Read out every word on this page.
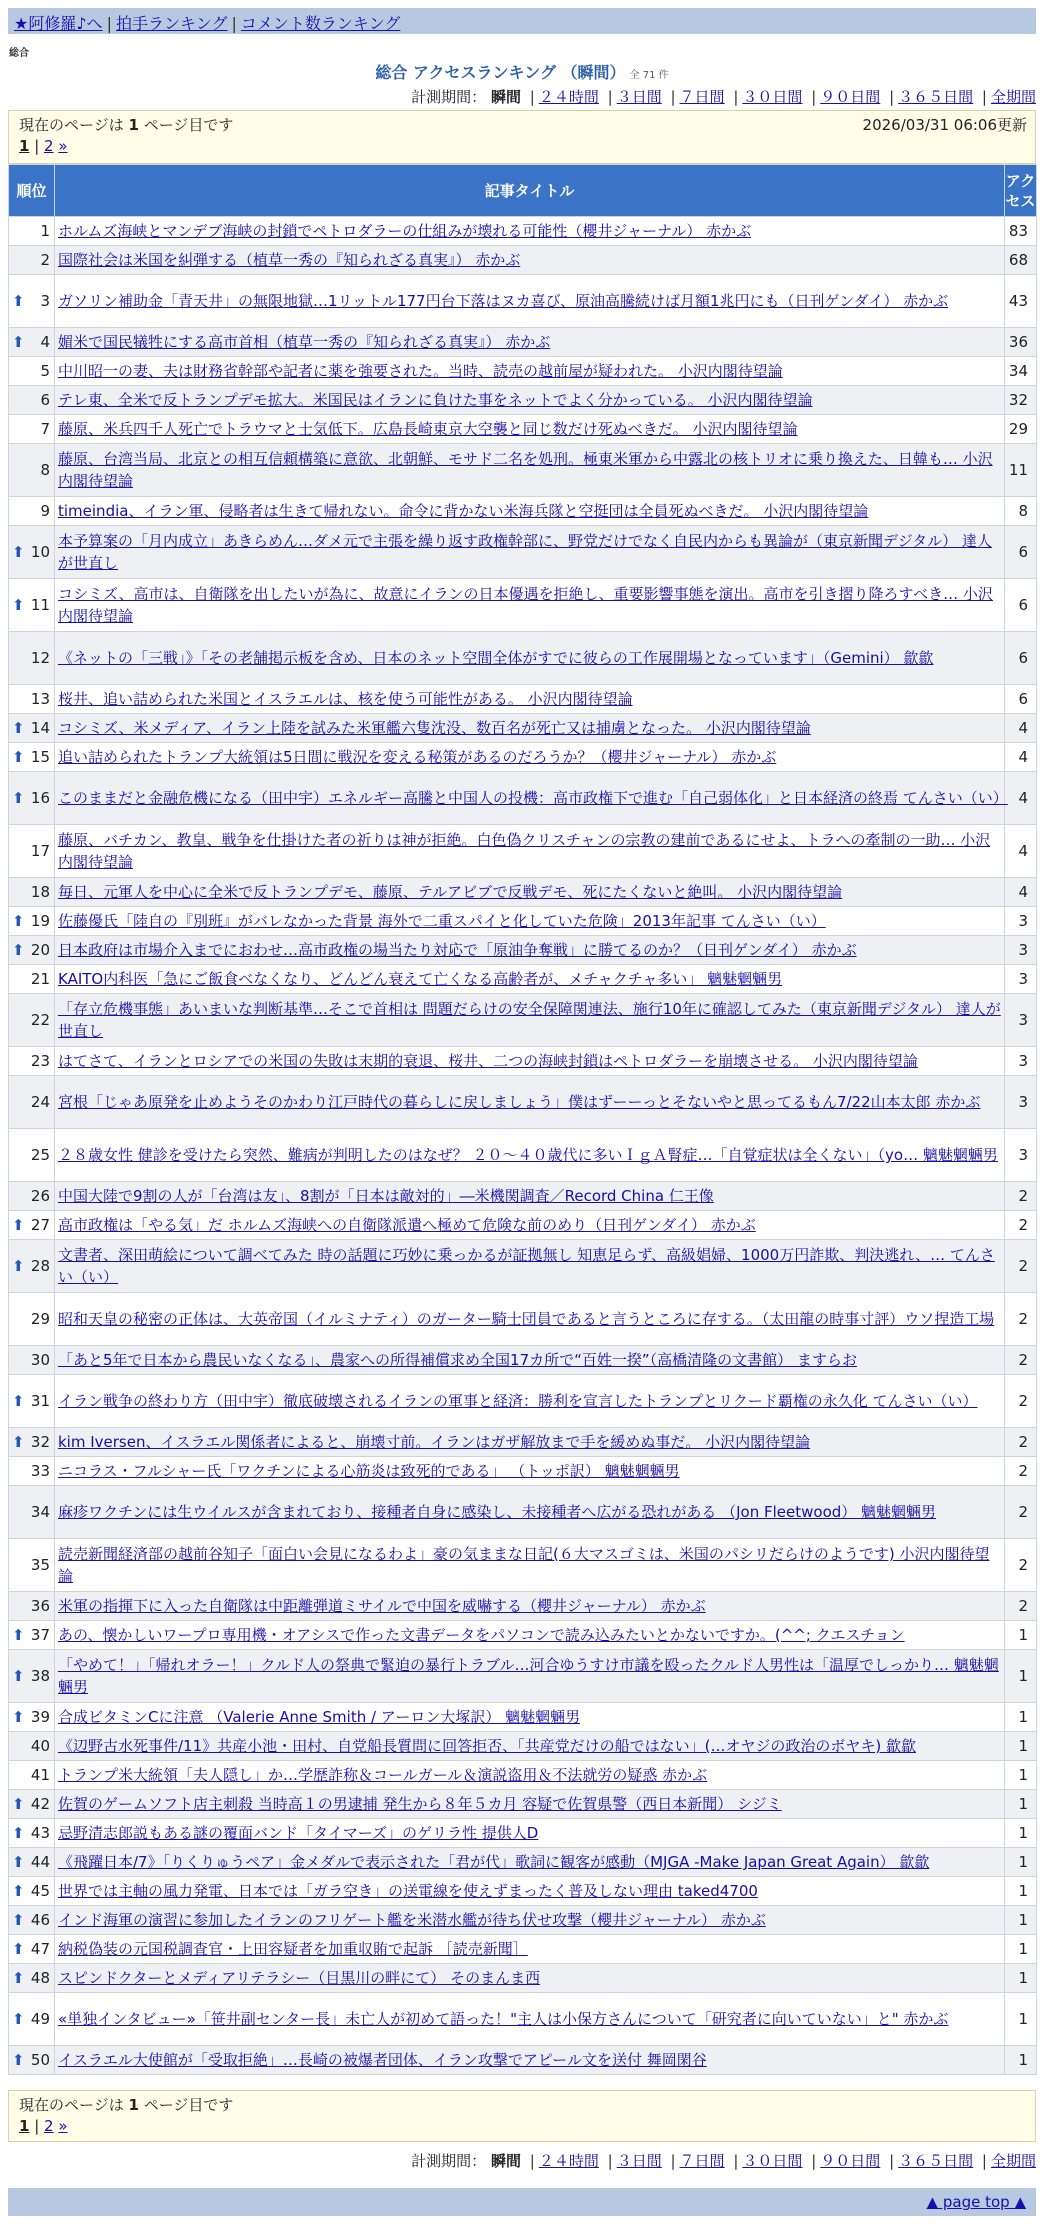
★阿修羅♪へ | 拍手ランキング | コメント数ランキング
総合
総合 アクセスランキング （瞬間） 全 71 件
計測期間： 瞬間 | ２４時間 | ３日間 | ７日間 | ３０日間 | ９０日間 | ３６５日間 | 全期間
現在のページは 1 ページ目です	2026/03/31 06:06更新
1 | 2 »
順位	記事タイトル	アクセス
1	ホルムズ海峡とマンデブ海峡の封鎖でペトロダラーの仕組みが壊れる可能性（櫻井ジャーナル） 赤かぶ	83
2	国際社会は米国を糾弾する（植草一秀の『知られざる真実』） 赤かぶ	68

⬆ 3	ガソリン補助金「青天井」の無限地獄…1リットル177円台下落はヌカ喜び、原油高騰続けば月額1兆円にも（日刊ゲンダイ） 赤かぶ	43

⬆ 4	媚米で国民犠牲にする高市首相（植草一秀の『知られざる真実』） 赤かぶ	36
5	中川昭一の妻、夫は財務省幹部や記者に薬を強要された。当時、読売の越前屋が疑われた。 小沢内閣待望論	34
6	テレ東、全米で反トランプデモ拡大。米国民はイランに負けた事をネットでよく分かっている。 小沢内閣待望論	32
7	藤原、米兵四千人死亡でトラウマと士気低下。広島長崎東京大空襲と同じ数だけ死ぬべきだ。 小沢内閣待望論	29
8	藤原、台湾当局、北京との相互信頼構築に意欲、北朝鮮、モサド二名を処刑。極東米軍から中露北の核トリオに乗り換えた、日韓も… 小沢内閣待望論	11
9	timeindia、イラン軍、侵略者は生きて帰れない。命令に背かない米海兵隊と空挺団は全員死ぬべきだ。 小沢内閣待望論	8

⬆ 10	本予算案の「月内成立」あきらめん…ダメ元で主張を繰り返す政権幹部に、野党だけでなく自民内からも異論が（東京新聞デジタル） 達人が世直し	6

⬆ 11	コシミズ、高市は、自衛隊を出したいが為に、故意にイランの日本優遇を拒絶し、重要影響事態を演出。高市を引き摺り降ろすべき… 小沢内閣待望論	6
12	《ネットの「三戦」》「その老舗掲示板を含め、日本のネット空間全体がすでに彼らの工作展開場となっています」（Gemini） 歙歙	6
13	桜井、追い詰められた米国とイスラエルは、核を使う可能性がある。 小沢内閣待望論	6

⬆ 14	コシミズ、米メディア、イラン上陸を試みた米軍艦六隻沈没、数百名が死亡又は捕虜となった。 小沢内閣待望論	4

⬆ 15	追い詰められたトランプ大統領は5日間に戦況を変える秘策があるのだろうか？（櫻井ジャーナル） 赤かぶ	4

⬆ 16	このままだと金融危機になる（田中宇）エネルギー高騰と中国人の投機：高市政権下で進む「自己弱体化」と日本経済の終焉 てんさい（い）	4
17	藤原、バチカン、教皇、戦争を仕掛けた者の祈りは神が拒絶。白色偽クリスチャンの宗教の建前であるにせよ、トラへの牽制の一助… 小沢内閣待望論	4
18	毎日、元軍人を中心に全米で反トランプデモ、藤原、テルアビブで反戦デモ、死にたくないと絶叫。 小沢内閣待望論	4

⬆ 19	佐藤優氏「陸自の『別班』がバレなかった背景 海外で二重スパイと化していた危険」2013年記事 てんさい（い）	3

⬆ 20	日本政府は市場介入までにおわせ…高市政権の場当たり対応で「原油争奪戦」に勝てるのか？（日刊ゲンダイ） 赤かぶ	3
21	KAITO内科医「急にご飯食べなくなり、どんどん衰えて亡くなる高齢者が、メチャクチャ多い」 魑魅魍魎男	3
22	「存立危機事態」あいまいな判断基準…そこで首相は 問題だらけの安全保障関連法、施行10年に確認してみた（東京新聞デジタル） 達人が世直し	3
23	はてさて、イランとロシアでの米国の失敗は末期的衰退、桜井、二つの海峡封鎖はペトロダラーを崩壊させる。 小沢内閣待望論	3
24	宮根「じゃあ原発を止めようそのかわり江戸時代の暮らしに戻しましょう」僕はずーーっとそないやと思ってるもん7/22山本太郎 赤かぶ	3
25	２８歳女性 健診を受けたら突然、難病が判明したのはなぜ？ ２０～４０歳代に多いＩｇＡ腎症…「自覚症状は全くない」（yo… 魑魅魍魎男	3
26	中国大陸で9割の人が「台湾は友」、8割が「日本は敵対的」―米機関調査／Record China 仁王像	2

⬆ 27	高市政権は「やる気」だ ホルムズ海峡への自衛隊派遣へ極めて危険な前のめり（日刊ゲンダイ） 赤かぶ	2

⬆ 28	文書者、深田萌絵について調べてみた 時の話題に巧妙に乗っかるが証拠無し 知恵足らず、高級娼婦、1000万円詐欺、判決逃れ、… てんさい（い）	2
29	昭和天皇の秘密の正体は、大英帝国（イルミナティ）のガーター騎士団員であると言うところに存する。（太田龍の時事寸評）ウソ捏造工場	2
30	「あと5年で日本から農民いなくなる」、農家への所得補償求め全国17カ所で“百姓一揆”（高橋清隆の文書館） ますらお	2

⬆ 31	イラン戦争の終わり方（田中宇）徹底破壊されるイランの軍事と経済：勝利を宣言したトランプとリクード覇権の永久化 てんさい（い）	2

⬆ 32	kim Iversen、イスラエル関係者によると、崩壊寸前。イランはガザ解放まで手を緩めぬ事だ。 小沢内閣待望論	2
33	ニコラス・フルシャー氏「ワクチンによる心筋炎は致死的である」 （トッポ訳） 魑魅魍魎男	2
34	麻疹ワクチンには生ウイルスが含まれており、接種者自身に感染し、未接種者へ広がる恐れがある （Jon Fleetwood） 魑魅魍魎男	2
35	読売新聞経済部の越前谷知子「面白い会見になるわよ」豪の気ままな日記(６大マスゴミは、米国のパシリだらけのようです) 小沢内閣待望論	2
36	米軍の指揮下に入った自衛隊は中距離弾道ミサイルで中国を威嚇する（櫻井ジャーナル） 赤かぶ	2

⬆ 37	あの、懐かしいワープロ専用機・オアシスで作った文書データをパソコンで読み込みたいとかないですか。(^^; クエスチョン	1

⬆ 38	「やめて！」「帰れオラー！」クルド人の祭典で緊迫の暴行トラブル…河合ゆうすけ市議を殴ったクルド人男性は「温厚でしっかり… 魑魅魍魎男	1

⬆ 39	合成ビタミンCに注意 （Valerie Anne Smith / アーロン大塚訳） 魑魅魍魎男	1
40	《辺野古水死事件/11》共産小池・田村、自党船長質問に回答拒否、「共産党だけの船ではない」(…オヤジの政治のボヤキ) 歙歙	1
41	トランプ米大統領「夫人隠し」か…学歴詐称＆コールガール＆演説盗用＆不法就労の疑惑 赤かぶ	1

⬆ 42	佐賀のゲームソフト店主刺殺 当時高１の男逮捕 発生から８年５カ月 容疑で佐賀県警（西日本新聞） シジミ	1

⬆ 43	忌野清志郎説もある謎の覆面バンド「タイマーズ」のゲリラ性 提供人D	1

⬆ 44	《飛躍日本/7》「りくりゅうペア」金メダルで表示された「君が代」歌詞に観客が感動（MJGA -Make Japan Great Again） 歙歙	1

⬆ 45	世界では主軸の風力発電、日本では「ガラ空き」の送電線を使えずまったく普及しない理由 taked4700	1

⬆ 46	インド海軍の演習に参加したイランのフリゲート艦を米潜水艦が待ち伏せ攻撃（櫻井ジャーナル） 赤かぶ	1

⬆ 47	納税偽装の元国税調査官・上田容疑者を加重収賄で起訴 ［読売新聞］	1

⬆ 48	スピンドクターとメディアリテラシー（目黒川の畔にて） そのまんま西	1

⬆ 49	«単独インタビュー»「笹井副センター長」未亡人が初めて語った！"主人は小保方さんについて「研究者に向いていない」と" 赤かぶ	1

⬆ 50	イスラエル大使館が「受取拒絶」…長崎の被爆者団体、イラン攻撃でアピール文を送付 舞岡閑谷	1
現在のページは 1 ページ目です
1 | 2 »
計測期間： 瞬間 | ２４時間 | ３日間 | ７日間 | ３０日間 | ９０日間 | ３６５日間 | 全期間
▲ page top ▲
